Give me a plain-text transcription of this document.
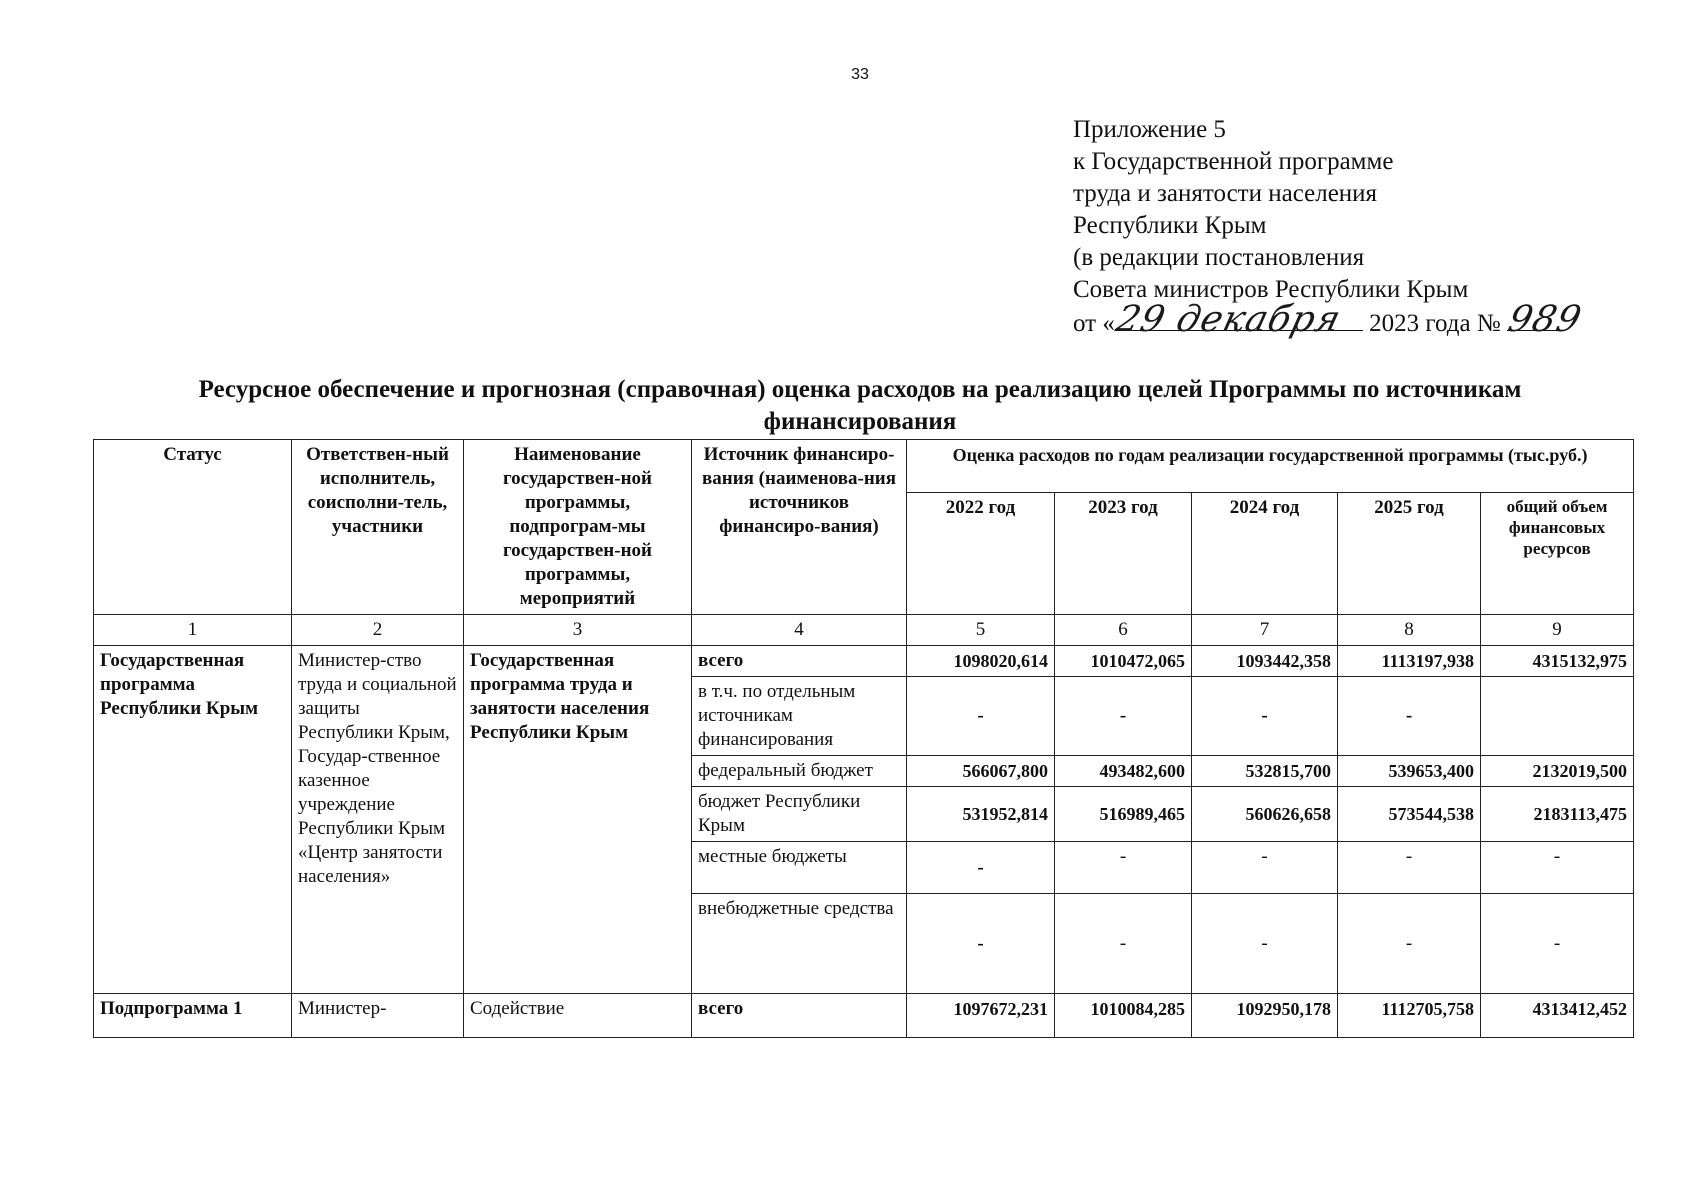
33
Приложение 5
к Государственной программе
труда и занятости населения
Республики Крым
(в редакции постановления
Совета министров Республики Крым
от «
29 декабря 2023 года № 989
Ресурсное обеспечение и прогнозная (справочная) оценка расходов на реализацию целей Программы по источникам финансирования
Статус	Ответствен-ный исполнитель, соисполни-тель, участники	Наименование государствен-ной программы, подпрограм-мы государствен-ной программы, мероприятий	Источник финансиро-вания (наименова-ния источников финансиро-вания)	Оценка расходов по годам реализации государственной программы (тыс.руб.)				
				2022 год	2023 год	2024 год	2025 год	общий объем финансовых ресурсов
1	2	3	4	5	6	7	8	9
Государственная программа Республики Крым	Министер-ство труда и социальной защиты Республики Крым, Государ-ственное казенное учреждение Республики Крым «Центр занятости населения»	Государственная программа труда и занятости населения Республики Крым	всего	1098020,614	1010472,065	1093442,358	1113197,938	4315132,975
			в т.ч. по отдельным источникам финансирования	-	-	-	-	
			федеральный бюджет	566067,800	493482,600	532815,700	539653,400	2132019,500
			бюджет Республики Крым	531952,814	516989,465	560626,658	573544,538	2183113,475
			местные бюджеты	-	-	-	-	-
			внебюджетные средства	-	-	-	-	-
Подпрограмма 1	Министер-	Содействие	всего	1097672,231	1010084,285	1092950,178	1112705,758	4313412,452
